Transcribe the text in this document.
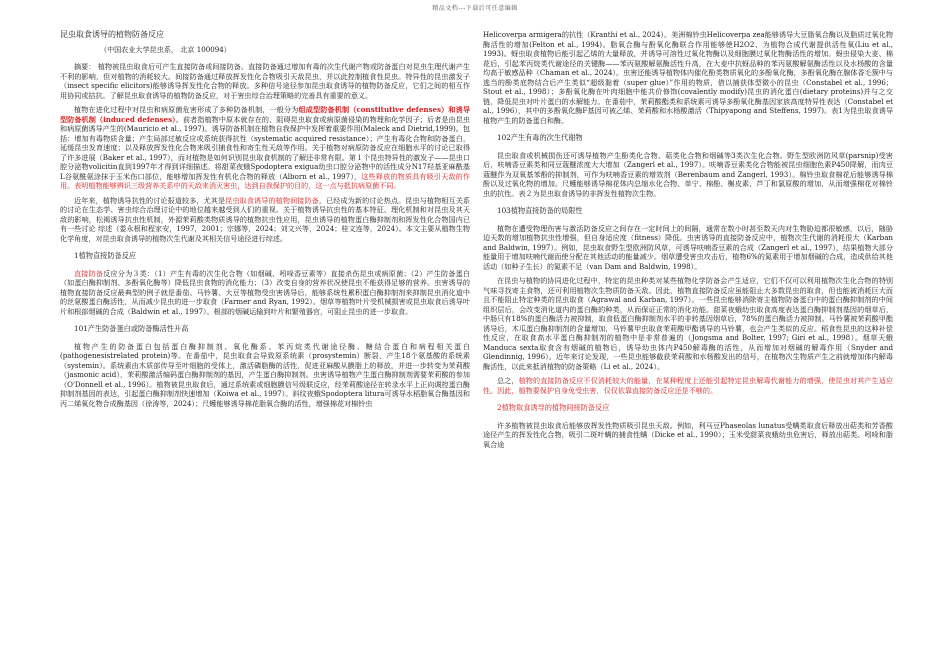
精品文档---下载后可任意编辑

昆虫取食诱导的植物防备反应

（中国农业大学昆虫系， 北京 100094）

摘要： 植物被昆虫取食后可产生直接防备或间接防备。直接防备通过增加有毒的次生代谢产物或防备蛋白对昆虫生理代谢产生不利的影响，但对植物的消耗较大。间接防备通过释放挥发性化合物吸引天敌昆虫，并以此控制植食性昆虫。特异性的昆虫激发子（insect specific elicitors)能够诱导挥发性化合物的释放。多种信号途径参加昆虫取食诱导的植物防备反应，它们之间的相互作用协同或拮抗。了解昆虫取食诱导的植物防备反应，对于害虫综合治理策略的完善具有重要的意义。

植物在进化过程中对昆虫和病原菌危害形成了多种防备机制，一般分为组成型防备机制（constitutive defenses）和诱导型防备机制（induced defenses）。前者指植物中原本就存在的、阻碍昆虫取食或病原菌侵染的物理和化学因子；后者是由昆虫和病原菌诱导产生的(Mauricio et al., 1997)。诱导防备机制在植物自我保护中发挥着重要作用(Maleck and Dietrid,1999)。包括：增加有毒物质含量；产生局部过敏反应或系统获得抗性（systematic acquired resistance）；产生有毒化合物和防备蛋白，延缓昆虫发育速度；以及释放挥发性化合物来吸引捕食性和寄生性天敌等作用。关于植物对病原防备反应在细胞水平的讨论已取得了许多进展（Baker et al., 1997），而对植物是如何识别昆虫取食机制的了解还非常有限。第１个昆虫特异性的激发子——昆虫口腔分泌物volicitin直到1997年才得到详细描述。将甜菜夜蛾Spodoptera exigua幼虫口腔分泌物中的活性成分N17羟基亚麻酰基L谷氨酰氨涂抹于玉米伤口部位，能够增加挥发性有机化合物的释放（Alborn et al., 1997），这些释放的物质具有吸引天敌的作用。表明植物能够辨识三级营养关系中的天敌来消灭害虫，达到自我保护的目的，这一点与抵抗病原菌不同。

近年来，植物诱导抗性的讨论报道较多，尤其是昆虫取食诱导的植物间接防备，已经成为新的讨论热点。昆虫与植物相互关系的讨论在生态学、害虫综合治理讨论中的地位越来越受到人们的重视。关于植物诱导抗虫性的基本特征、理化机制和对昆虫及其天敌的影响，松褐诱导抗虫性机制，外源茉莉酸类物质诱导的植物抗虫性应用，昆虫诱导的植物蛋白酶抑制剂和挥发性化合物国内已有一些讨论 综述（娄永根和程家安，1997，2001；宗娜等，2024；刘文兴等，2024；桂文连等，2024）。本文主要从植物生物化学角度，对昆虫取食诱导的植物次生代谢及其相关信号途径进行综述。

1植物直接防备反应

直接防备反应分为３类：（1）产生有毒的次生化合物（如烟碱、吲哚香豆素等）直接杀伤昆虫或病原菌；（2）产生防备蛋白（如蛋白酶抑制剂、多酚氧化酶等）降低昆虫食物的消化能力；（3）改变自身的营养状况使昆虫不能获得足够的营养。虫害诱导的植物直接防备反应最典型的例子就是番茄、马铃薯、大豆等植物受虫害诱导后，能够系统性累积蛋白酶抑制剂来抑制昆虫消化道中的丝氨酸蛋白酶活性，从而减少昆虫的进一步取食（Farmer and Ryan, 1992）。烟草等植物叶片受机械损害或昆虫取食后诱导叶片和根部烟碱的合成（Baldwin et al., 1997）。根部的烟碱运输到叶片和繁殖器官，可阻止昆虫的进一步取食。

101产生防备蛋白或防备酶活性升高

植物产生的防备蛋白包括蛋白酶抑制剂、氧化酶系、苯丙烷类代谢途径酶、糖结合蛋白和病程相关蛋白(pathogenesistrelated protein)等。在番茄中，昆虫取食会导致原系统素（prosystemin）断裂，产生18个氨基酸的系统素（systemin）。系统素由木质部传导至叶细胞的受体上，激活磷脂酶的活性，促进亚麻酸从膜脂上的释放，并进一步转变为茉莉酸（jasmonic acid），茉莉酸激活编码蛋白酶抑制剂的基因，产生蛋白酶抑制剂。虫害诱导植物产生蛋白酶抑制剂需要茉莉酸的参加（O'Donnell et al., 1996）。植物被昆虫取食后，通过系统素或细胞膜信号级联反应，经茉莉酸途径在转录水平上正向调控蛋白酶抑制剂基因的表达，引起蛋白酶抑制剂快速增加（Koiwa et al., 1997）。斜纹夜蛾Spodoptera litura可诱导水稻脂氧合酶基因和丙二烯氧化物合成酶基因（徐涛等，2024）；尺蠖能够诱导棉花脂氧合酶的活性，增强棉花对棉铃虫

Helicoverpa armigera的抗性（Kranthi et al., 2024）。美洲棉铃虫Helicoverpa zea能够诱导大豆脂氧合酶以及脂质过氧化物酶活性的增加(Felton et al., 1994)。脂氧合酶与酚氧化酶联合作用能够使H2O2、为植物合成代谢提供活性氧(Liu et al., 1993)。蚜虫取食植物后能引起乙烯的大量释放，并诱导可溶性过氧化物酶以及细胞膜过氧化物酶活性的增加。蚜虫侵染大麦、棉花后，引起苯丙烷类代谢途径的关键酶——苯丙氨酸解氨酶活性升高，在大麦中抗蚜品种的苯丙氨酸解氨酶活性以及水杨酸的含量均高于敏感品种（Chaman et al., 2024）。虫害还能诱导植物体内催化酚类物质氧化的多酚氧化酶，多酚氧化酶在腺体香毛簇中与逃当的酚类底物结合后产生类似“超级黏着（super glue）”作用的物质，借以捕获体型微小的昆虫（Constabel et al., 1996；Stout et al., 1998）；多酚氧化酶在叶肉细胞中能共价修饰(covalently modify)昆虫的消化蛋白(dietary proteins)并与之交链，降低昆虫对叶片蛋白的水解能力。在番茄中，茉莉酸酯类和系统素可诱导多酚氧化酶基因家族高度特异性表达（Constabel et al., 1996），其中的多酚氧化酶F基因可被乙烯、茉莉酸和水杨酸激活（Thipyapong and Steffens, 1997)。表1为昆虫取食诱导植物产生的防备蛋白和酶。

102产生有毒的次生代谢物

昆虫取食或机械损伤还可诱导植物产生酚类化合物、萜类化合物和烟碱等3类次生化合物。野生型欧洲防风草(parsnip)受害后，呋喃香豆素类和同豆蔻醚浓度大大增加（Zangerl et al., 1997）。呋喃香豆素类化合物能被昆虫细胞色素P450降解，而肉豆蔻醚作为双氧基苯酚的抑制剂，可作为呋喃香豆素的增效剂（Berenbaum and Zangerl, 1993）。棉铃虫取食棉花后能够诱导棉酚以及过氧化物的增加。尺蠖能够诱导棉花体内总缩水化合物、单宁、棉酚、槲皮素、芦丁和氯原酸的增加，从而增强棉花对棉铃虫的抗性。表２为昆虫取食诱导的非挥发性植物次生物。

103植物直接防备的局限性

植物在遭受物理伤害与激活防备反应之间存在一定时间上的间隔，通常在数小时甚至数天内对生物胁迫都很敏感，以后，随胁迫天数的增加植物抗虫性增强，但自身适应度（fitness）降低。虫害诱导的直接防备反应中，植物次生代谢的消耗很大（Karban and Baldwin, 1997）。例如，昆虫取食野生型欧洲防风草，可诱导呋喃香豆素的合成（Zangerl et al., 1997），结果植物大部分能量用于增加呋喃代谢而使分配在其他活动的能量减少。烟草遭受害虫攻击后，植物6%的氮素用于增加烟碱的合成，造成供给其他活动（如种子生长）的氮素不足（van Dam and Baldwin, 1998）。

在昆虫与植物的协同进化过程中，特定的昆虫种类对某些植物化学防备会产生适应，它们不仅可以利用植物次生化合物的特别气味寻找寄主食物，还可利用植物次生物质防备天敌。因此，植物直接防备反应虽能阻止大多数昆虫的取食，但也能被消耗巨大而且不能阻止特定种类的昆虫取食（Agrawal and Karban, 1997）。一些昆虫能够消除寄主植物防备蛋白中的蛋白酶抑制剂的中间组织层后，会改变消化道内的蛋白酶的种类，从而保证正常的消化功能。甜菜夜蛾幼虫取食高度表达蛋白酶抑制剂基因的烟草后，中肠只有18%的蛋白酶活力被抑制，取食低蛋白酶抑制剂水平的非转基因烟草后，78%的蛋白酶活力被抑制。马铃薯被茉莉酸甲酯诱导后，木瓜蛋白酶抑制剂的含量增加，马铃薯甲虫取食茉莉酸甲酯诱导的马铃薯，也会产生类似的反应。稻食性昆虫的这种补偿性反应，在取食高水平蛋白酶抑制剂的植物中是非常普遍的（Jongsma and Bolter, 1997; Giri et al., 1998）。烟草天蛾Manduca sexta取食含有烟碱的植物后，诱导幼虫体内P450解毒酶的活性，从而增加对烟碱的解毒作用（Snyder and Glendinnig, 1996）。近年来讨论发现，一些昆虫能够截获茉莉酸和水杨酸发出的信号，在植物次生物质产生之前就增加体内解毒酶活性，以此来抵消植物的防备策略（Li et al., 2024）。

总之，植物的直接防备反应不仅消耗较大的能量，在某种程度上还能引起特定昆虫解毒代谢能力的增强，使昆虫对其产生适应性。因此，植物要保护自身免受虫害，仅仅依靠直接防备反应还是不够的。

2植物取食诱导的植物间接防备反应

许多植物被昆虫取食后能够放挥发性物质吸引昆虫天敌。例如，利马豆Phaseolas lunatus受螨类取食后释放出萜类和芳香酸途径产生的挥发性化合物，吸引二斑叶螨的捕食性螨（Dicke et al., 1990）；玉米受甜菜夜蛾幼虫危害后，释放出萜类、吲哚和脂氧合途
